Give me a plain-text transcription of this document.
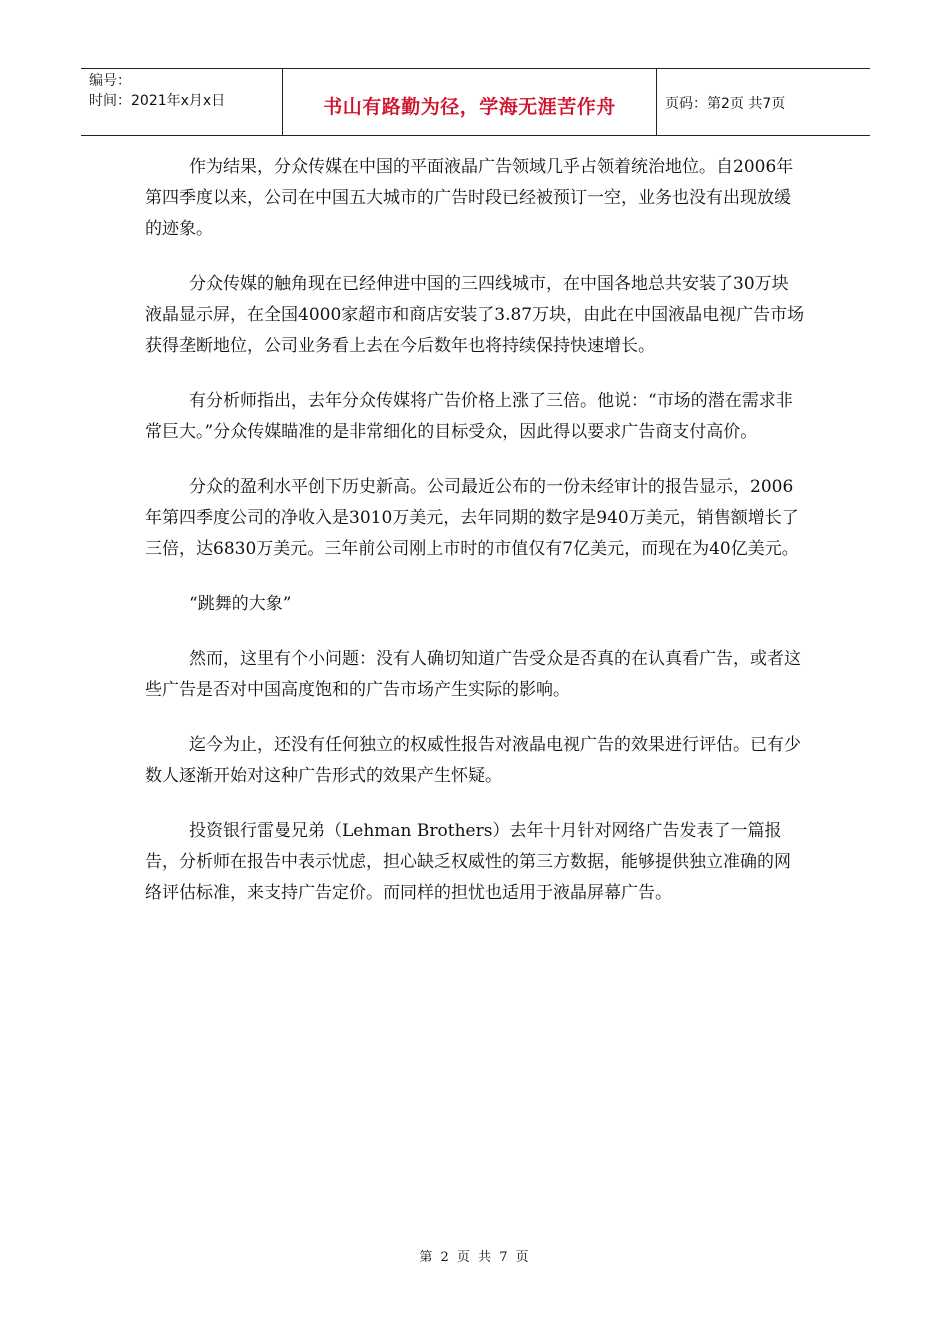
编号：
时间：2021年x月x日	书山有路勤为径，学海无涯苦作舟	页码：第2页 共7页

作为结果，分众传媒在中国的平面液晶广告领域几乎占领着统治地位。自2006年第四季度以来，公司在中国五大城市的广告时段已经被预订一空，业务也没有出现放缓的迹象。

分众传媒的触角现在已经伸进中国的三四线城市，在中国各地总共安装了30万块液晶显示屏，在全国4000家超市和商店安装了3.87万块，由此在中国液晶电视广告市场获得垄断地位，公司业务看上去在今后数年也将持续保持快速增长。

有分析师指出，去年分众传媒将广告价格上涨了三倍。他说：“市场的潜在需求非常巨大。”分众传媒瞄准的是非常细化的目标受众，因此得以要求广告商支付高价。

分众的盈利水平创下历史新高。公司最近公布的一份未经审计的报告显示，2006年第四季度公司的净收入是3010万美元，去年同期的数字是940万美元，销售额增长了三倍，达6830万美元。三年前公司刚上市时的市值仅有7亿美元，而现在为40亿美元。

“跳舞的大象”

然而，这里有个小问题：没有人确切知道广告受众是否真的在认真看广告，或者这些广告是否对中国高度饱和的广告市场产生实际的影响。

迄今为止，还没有任何独立的权威性报告对液晶电视广告的效果进行评估。已有少数人逐渐开始对这种广告形式的效果产生怀疑。

投资银行雷曼兄弟（Lehman Brothers）去年十月针对网络广告发表了一篇报告，分析师在报告中表示忧虑，担心缺乏权威性的第三方数据，能够提供独立准确的网络评估标准，来支持广告定价。而同样的担忧也适用于液晶屏幕广告。

第 2 页 共 7 页
